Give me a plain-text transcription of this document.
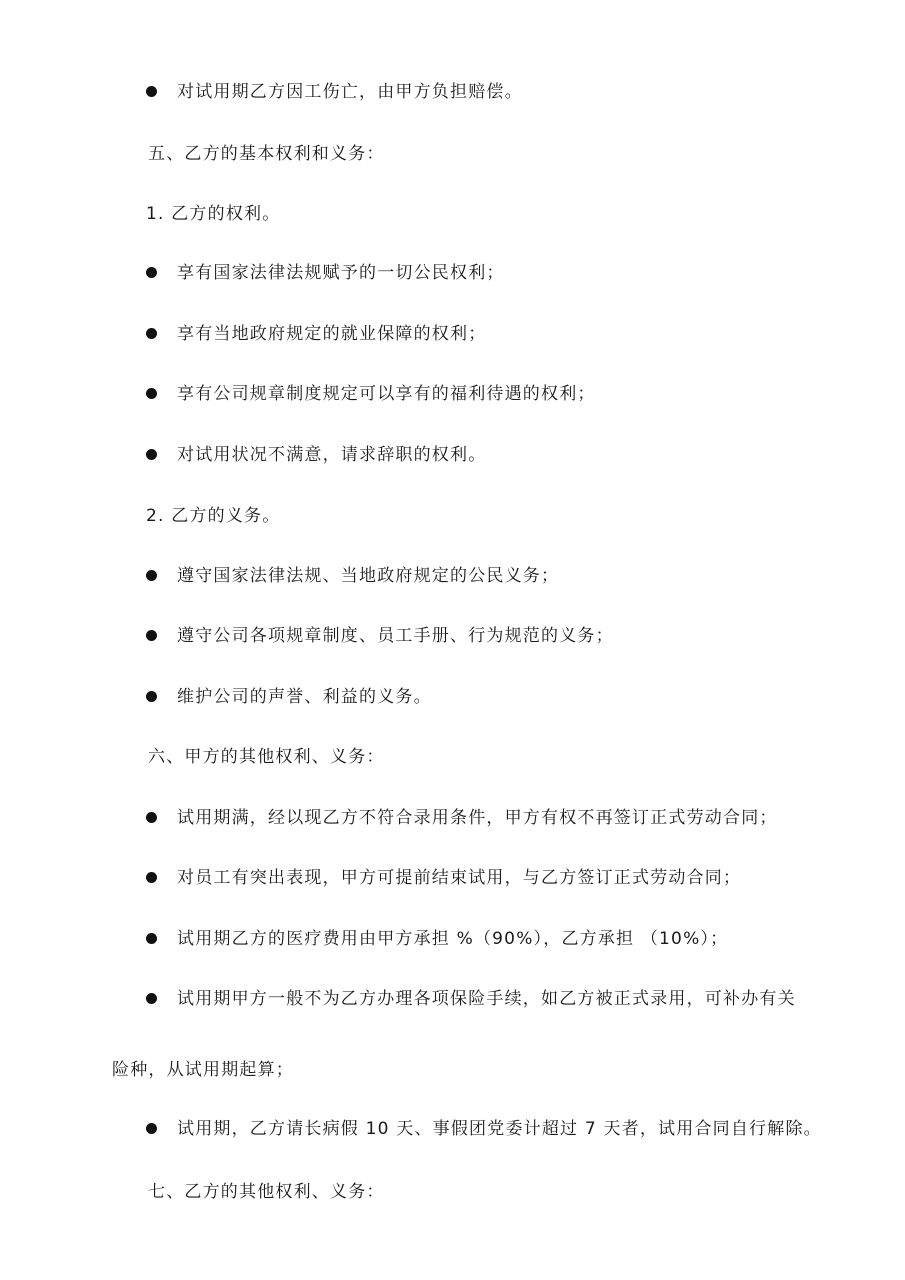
对试用期乙方因工伤亡，由甲方负担赔偿。
五、乙方的基本权利和义务：
1. 乙方的权利。
享有国家法律法规赋予的一切公民权利；
享有当地政府规定的就业保障的权利；
享有公司规章制度规定可以享有的福利待遇的权利；
对试用状况不满意，请求辞职的权利。
2. 乙方的义务。
遵守国家法律法规、当地政府规定的公民义务；
遵守公司各项规章制度、员工手册、行为规范的义务；
维护公司的声誉、利益的义务。
六、甲方的其他权利、义务：
试用期满，经以现乙方不符合录用条件，甲方有权不再签订正式劳动合同；
对员工有突出表现，甲方可提前结束试用，与乙方签订正式劳动合同；
试用期乙方的医疗费用由甲方承担 %（90%），乙方承担 （10%）；
试用期甲方一般不为乙方办理各项保险手续，如乙方被正式录用，可补办有关
险种，从试用期起算；
试用期，乙方请长病假 10 天、事假团党委计超过 7 天者，试用合同自行解除。
七、乙方的其他权利、义务：
